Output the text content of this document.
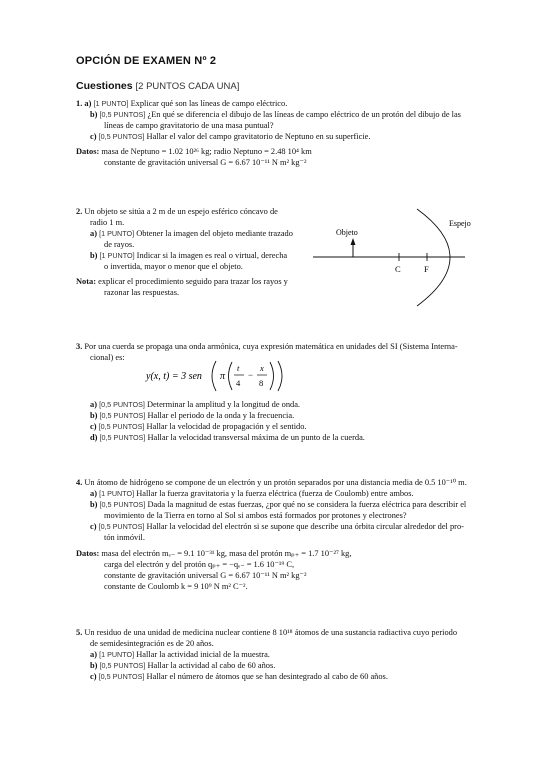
OPCIÓN DE EXAMEN Nº 2
Cuestiones [2 PUNTOS CADA UNA]
1. a) [1 PUNTO] Explicar qué son las líneas de campo eléctrico.
b) [0,5 PUNTOS] ¿En qué se diferencia el dibujo de las líneas de campo eléctrico de un protón del dibujo de las
líneas de campo gravitatorio de una masa puntual?
c) [0,5 PUNTOS] Hallar el valor del campo gravitatorio de Neptuno en su superficie.
Datos: masa de Neptuno = 1.02 10²⁶ kg; radio Neptuno = 2.48 10⁴ km
constante de gravitación universal G = 6.67 10⁻¹¹ N m² kg⁻²
2. Un objeto se sitúa a 2 m de un espejo esférico cóncavo de
radio 1 m.
a) [1 PUNTO] Obtener la imagen del objeto mediante trazado
de rayos.
b) [1 PUNTO] Indicar si la imagen es real o virtual, derecha
o invertida, mayor o menor que el objeto.
Nota: explicar el procedimiento seguido para trazar los rayos y
razonar las respuestas.
Objeto
Espejo
C	F
3. Por una cuerda se propaga una onda armónica, cuya expresión matemática en unidades del SI (Sistema Interna-
cional) es:
y(x, t) = 3 sen π
t
4
−
x
8
a) [0,5 PUNTOS] Determinar la amplitud y la longitud de onda.
b) [0,5 PUNTOS] Hallar el periodo de la onda y la frecuencia.
c) [0,5 PUNTOS] Hallar la velocidad de propagación y el sentido.
d) [0,5 PUNTOS] Hallar la velocidad transversal máxima de un punto de la cuerda.
4. Un átomo de hidrógeno se compone de un electrón y un protón separados por una distancia media de 0.5 10⁻¹⁰ m.
a) [1 PUNTO] Hallar la fuerza gravitatoria y la fuerza eléctrica (fuerza de Coulomb) entre ambos.
b) [0,5 PUNTOS] Dada la magnitud de estas fuerzas, ¿por qué no se considera la fuerza eléctrica para describir el
movimiento de la Tierra en torno al Sol si ambos está formados por protones y electrones?
c) [0,5 PUNTOS] Hallar la velocidad del electrón si se supone que describe una órbita circular alrededor del pro-
tón inmóvil.
Datos: masa del electrón mₑ₋ = 9.1 10⁻³¹ kg, masa del protón mₚ₊ = 1.7 10⁻²⁷ kg,
carga del electrón y del protón qₚ₊ = −qₑ₋ = 1.6 10⁻¹⁹ C,
constante de gravitación universal G = 6.67 10⁻¹¹ N m² kg⁻²
constante de Coulomb k = 9 10⁹ N m² C⁻².
5. Un residuo de una unidad de medicina nuclear contiene 8 10¹⁸ átomos de una sustancia radiactiva cuyo periodo
de semidesintegración es de 20 años.
a) [1 PUNTO] Hallar la actividad inicial de la muestra.
b) [0,5 PUNTOS] Hallar la actividad al cabo de 60 años.
c) [0,5 PUNTOS] Hallar el número de átomos que se han desintegrado al cabo de 60 años.
